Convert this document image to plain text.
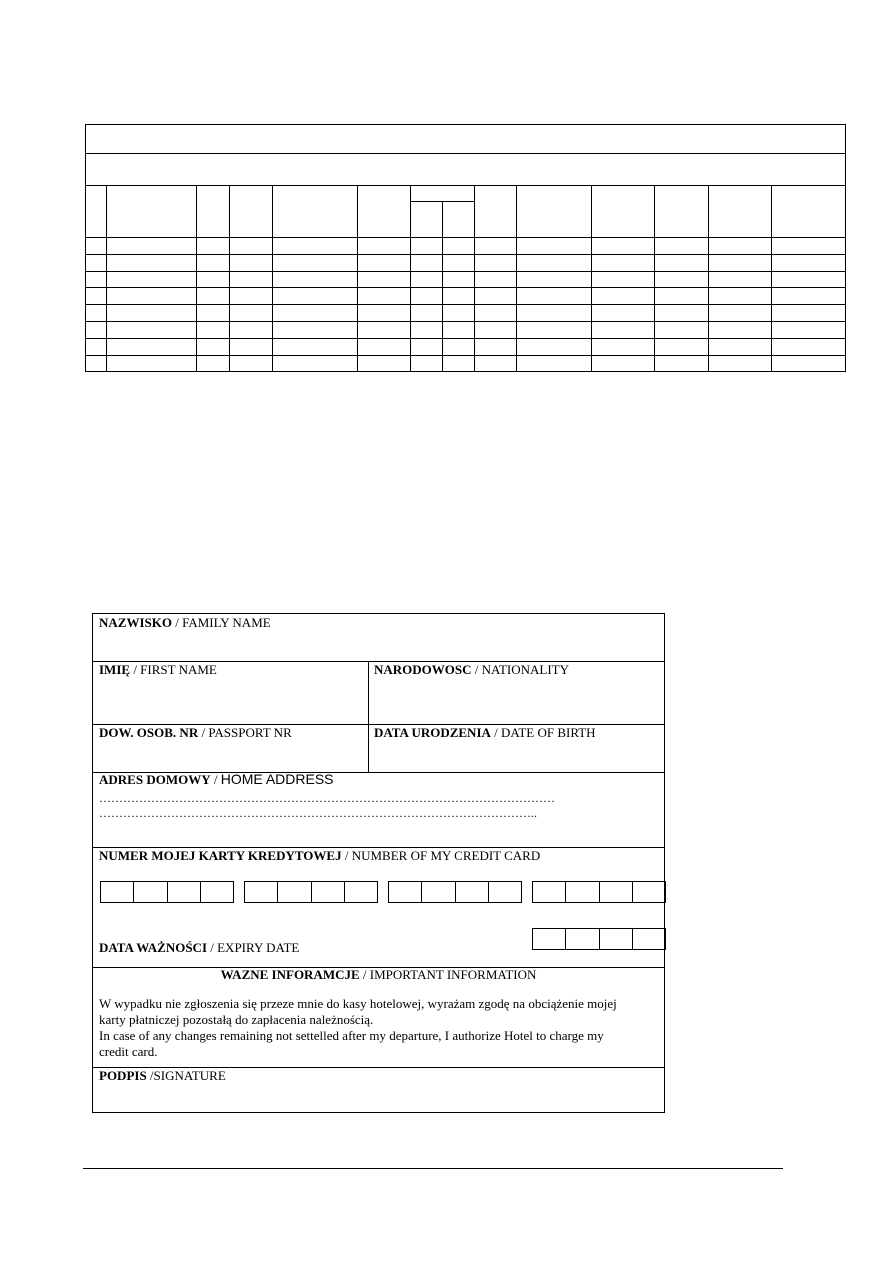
NAZWISKO / FAMILY NAME
IMIĘ / FIRST NAME	NARODOWOSC / NATIONALITY
DOW. OSOB. NR / PASSPORT NR	DATA URODZENIA / DATE OF BIRTH
ADRES DOMOWY / HOME ADDRESS
……………………………………………………………………………………………………
………………………………………………………………………………………………..
NUMER MOJEJ KARTY KREDYTOWEJ / NUMBER OF MY CREDIT CARD
DATA WAŻNOŚCI / EXPIRY DATE
WAZNE INFORAMCJE / IMPORTANT INFORMATION
W wypadku nie zgłoszenia się przeze mnie do kasy hotelowej, wyrażam zgodę na obciążenie mojej
karty płatniczej pozostałą do zapłacenia należnością.
In case of any changes remaining not settelled after my departure, I authorize Hotel to charge my
credit card.
PODPIS /SIGNATURE
